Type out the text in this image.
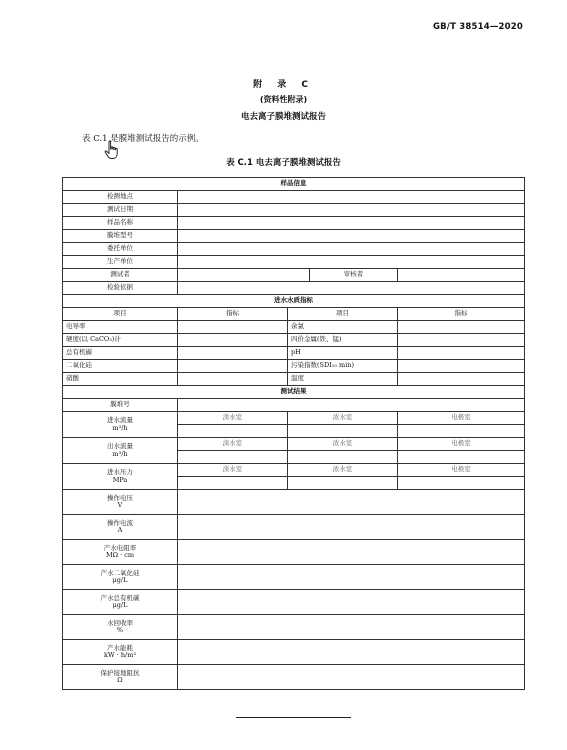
GB/T 38514—2020
附 录 C
(资料性附录)
电去离子膜堆测试报告
表 C.1 是膜堆测试报告的示例。
表 C.1 电去离子膜堆测试报告
样品信息				
检测地点				
测试日期				
样品名称				
膜堆型号				
委托单位				
生产单位				
测试者			审核者	
检验依据				
进水水质指标				
项目	指标	项目		指标
电导率		余氯		
硬度(以 CaCO₃)计		四价金属(铁、锰)		
总有机碳		pH		
二氧化硅		污染指数(SDI₁₅ min)		
硝酸		温度		
测试结果				
膜堆号				
进水流量
m³/h	淡水室	浓水室		电极室

出水流量
m³/h	淡水室	浓水室		电极室

进水压力
MPa	淡水室	浓水室		电极室

操作电压
V				
操作电流
A				
产水电阻率
MΩ · cm				
产水二氧化硅
μg/L				
产水总有机碳
μg/L				
水回收率
%				
产水能耗
kW · h/m³				
保护接地阻抗
Ω				
